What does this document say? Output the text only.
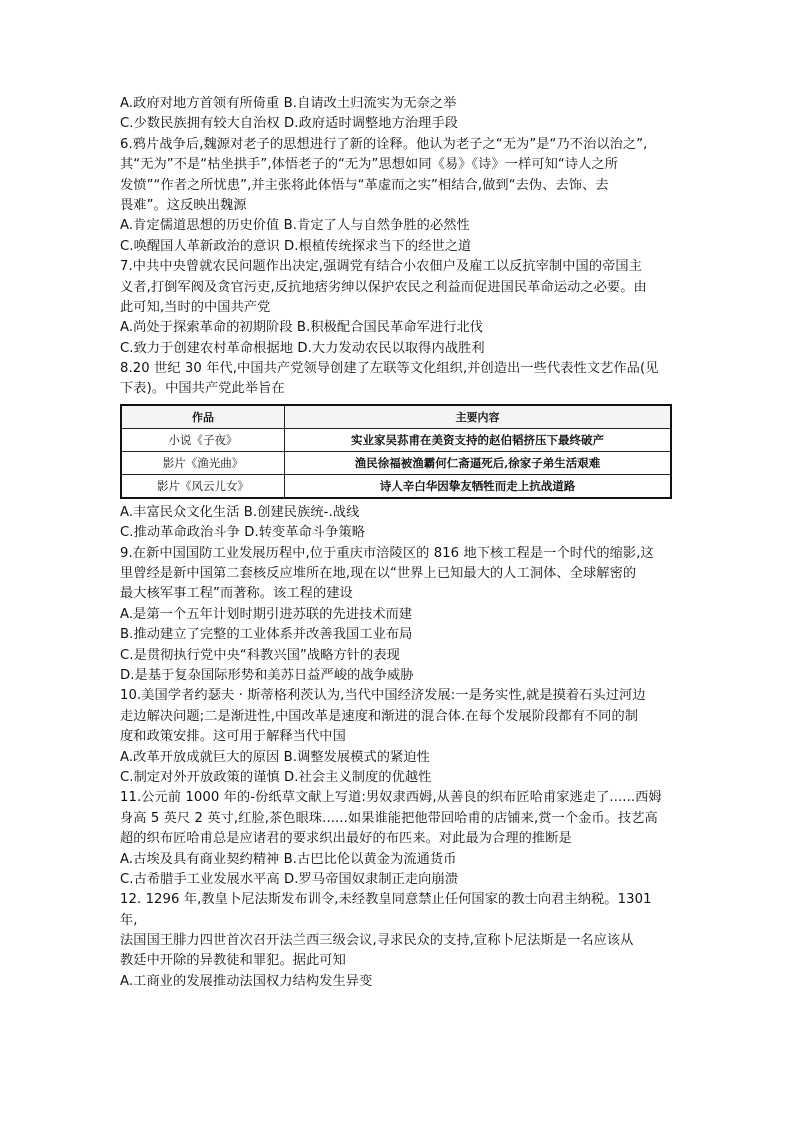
A.政府对地方首领有所倚重 B.自请改土归流实为无奈之举
C.少数民族拥有较大自治权 D.政府适时调整地方治理手段
6.鸦片战争后,魏源对老子的思想进行了新的诠释。他认为老子之“无为”是“乃不治以治之”,
其“无为”不是“枯坐拱手”,体悟老子的“无为”思想如同《易》《诗》一样可知“诗人之所
发愤”“作者之所忧患”,并主张将此体悟与“革虚而之实”相结合,做到“去伪、去饰、去
畏难”。这反映出魏源
A.肯定儒道思想的历史价值 B.肯定了人与自然争胜的必然性
C.唤醒国人革新政治的意识 D.根植传统探求当下的经世之道
7.中共中央曾就农民问题作出决定,强调党有结合小农佃户及雇工以反抗宰制中国的帝国主
义者,打倒军阀及贪官污吏,反抗地痞劣绅以保护农民之利益而促进国民革命运动之必要。由
此可知,当时的中国共产党
A.尚处于探索革命的初期阶段 B.积极配合国民革命军进行北伐
C.致力于创建农村革命根据地 D.大力发动农民以取得内战胜利
8.20 世纪 30 年代,中国共产党领导创建了左联等文化组织,并创造出一些代表性文艺作品(见
下表)。中国共产党此举旨在
作品	主要内容
小说《子夜》	实业家吴荪甫在美资支持的赵伯韬挤压下最终破产
影片《渔光曲》	渔民徐福被渔霸何仁斋逼死后,徐家子弟生活艰难
影片《风云儿女》	诗人辛白华因挚友牺牲而走上抗战道路
A.丰富民众文化生活 B.创建民族统-.战线
C.推动革命政治斗争 D.转变革命斗争策略
9.在新中国国防工业发展历程中,位于重庆市涪陵区的 816 地下核工程是一个时代的缩影,这
里曾经是新中国第二套核反应堆所在地,现在以“世界上已知最大的人工洞体、全球解密的
最大核军事工程”而著称。该工程的建设
A.是第一个五年计划时期引进苏联的先进技术而建
B.推动建立了完整的工业体系并改善我国工业布局
C.是贯彻执行党中央“科教兴国”战略方针的表现
D.是基于复杂国际形势和美苏日益严峻的战争威胁
10.美国学者约瑟夫 · 斯蒂格利茨认为,当代中国经济发展:一是务实性,就是摸着石头过河边
走边解决问题;二是渐进性,中国改革是速度和渐进的混合体.在每个发展阶段都有不同的制
度和政策安排。这可用于解释当代中国
A.改革开放成就巨大的原因 B.调整发展模式的紧迫性
C.制定对外开放政策的谨慎 D.社会主义制度的优越性
11.公元前 1000 年的-份纸草文献上写道:男奴隶西姆,从善良的织布匠哈甫家逃走了......西姆
身高 5 英尺 2 英寸,红脸,茶色眼珠......如果谁能把他带回哈甫的店铺来,赏一个金币。技艺高
超的织布匠哈甫总是应诸君的要求织出最好的布匹来。对此最为合理的推断是
A.古埃及具有商业契约精神 B.古巴比伦以黄金为流通货币
C.古希腊手工业发展水平高 D.罗马帝国奴隶制正走向崩溃
12. 1296 年,教皇卜尼法斯发布训令,未经教皇同意禁止任何国家的教士向君主纳税。1301
年,
法国国王腓力四世首次召开法兰西三级会议,寻求民众的支持,宣称卜尼法斯是一名应该从
教廷中开除的异教徒和罪犯。据此可知
A.工商业的发展推动法国权力结构发生异变
